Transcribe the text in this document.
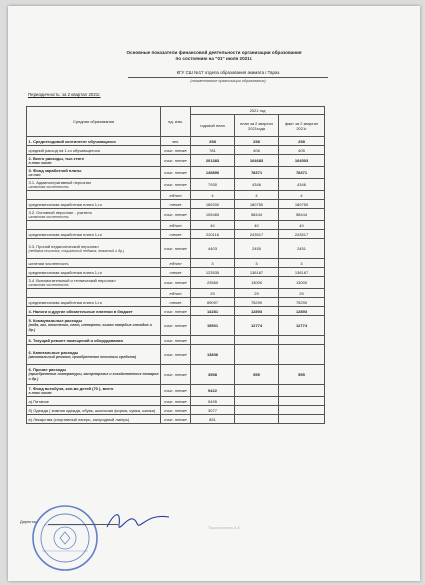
Основные показатели финансовой деятельности организации образования
по состоянию на "01" июля 2021г.
КГУ СШ №17 отдела образования акимата г.Тараз
(наименование организации образования)
Периодичность: за 2 квартал 2021г.
Средняя образования	ед. изм.	2021 год		
		годовой план	план за 2 квартал 2021года	факт за 2 квартал 2021г
1. Среднегодовой контингент обучающихся	чел.	258	258	258
средний расход на 1-го обучающегося	тыс. тенге	781	406	405
2. Всего расходы, тыс.тенге
в том числе:	тыс. тенге	201383	104683	104503
3. Фонд заработной платы
из них:	тыс. тенге	145890	78371	78371
3.1. Административный персонал
штатная численность	тыс. тенге	7930	4346	4346
	ед/чел	4	4	4
среднемесячная заработная плата 1-го	тенге	165200	180750	180750
3.2. Основной персонал - учителя
штатная численность	тыс. тенге	105465	58444	58444
	ед/чел	40	40	40
среднемесячная заработная плата 1-го	тенге	220116	243517	243517
3.3. Прочий педагогический персонал
(педагог-психолог, социальный педагог, вожатый и др.)	тыс. тенге	4403	2455	2451
штатная численность	ед/чел	3	3	3
среднемесячная заработная плата 1-го	тенге	123535	136167	136167
3.4. Вспомогательный и технический персонал
штатная численность	тыс. тенге	23560	13000	13000
	ед/чел	29	29	29
среднемесячная заработная плата 1-го	тенге	69097	75290	75290
4. Налоги и другие обязательные платежи в бюджет	тыс. тенге	14281	12893	12893
5. Коммунальные расходы
(вода, газ, отопление, свет, интернет, вывоз твердых отходов и др.)	тыс. тенге	15501	12774	12774
6. Текущий ремонт помещений и оборудования	тыс. тенге			
6. Капитальные расходы
(капитальный ремонт, приобретение основных средств)	тыс. тенге	13836		
6. Прочие расходы
(приобретение литературы, канцелярских и хозяйственных товаров и др.)	тыс. тенге	3558	555	555
7. Фонд всеобуча, кол-во детей (70 ), всего
в том числе:	тыс. тенге	9422		
а) Питание	тыс. тенге	5495		
б) Одежда ( зимняя одежда, обувь, школьная форма, сумка, шапка)	тыс. тенге	3077		
в) Лекарства (спортивный лагерь, загородный лагерь)	тыс. тенге	851		
Директор
Ташполатова А.К.
